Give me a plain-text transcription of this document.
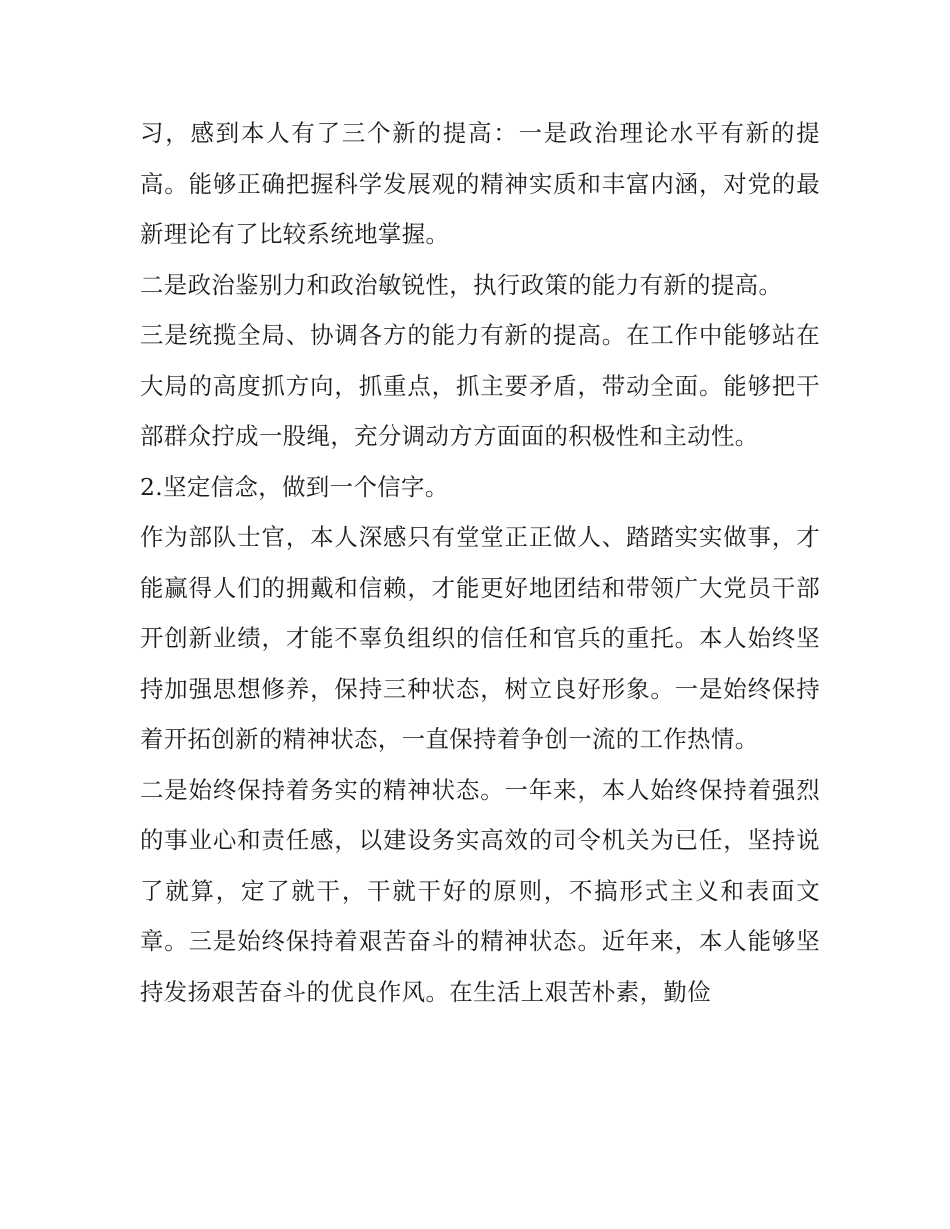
习，感到本人有了三个新的提高：一是政治理论水平有新的提高。能够正确把握科学发展观的精神实质和丰富内涵，对党的最新理论有了比较系统地掌握。

二是政治鉴别力和政治敏锐性，执行政策的能力有新的提高。

三是统揽全局、协调各方的能力有新的提高。在工作中能够站在大局的高度抓方向，抓重点，抓主要矛盾，带动全面。能够把干部群众拧成一股绳，充分调动方方面面的积极性和主动性。

2.坚定信念，做到一个信字。

作为部队士官，本人深感只有堂堂正正做人、踏踏实实做事，才能赢得人们的拥戴和信赖，才能更好地团结和带领广大党员干部开创新业绩，才能不辜负组织的信任和官兵的重托。本人始终坚持加强思想修养，保持三种状态，树立良好形象。一是始终保持着开拓创新的精神状态，一直保持着争创一流的工作热情。

二是始终保持着务实的精神状态。一年来，本人始终保持着强烈的事业心和责任感，以建设务实高效的司令机关为已任，坚持说了就算，定了就干，干就干好的原则，不搞形式主义和表面文章。三是始终保持着艰苦奋斗的精神状态。近年来，本人能够坚持发扬艰苦奋斗的优良作风。在生活上艰苦朴素，勤俭
